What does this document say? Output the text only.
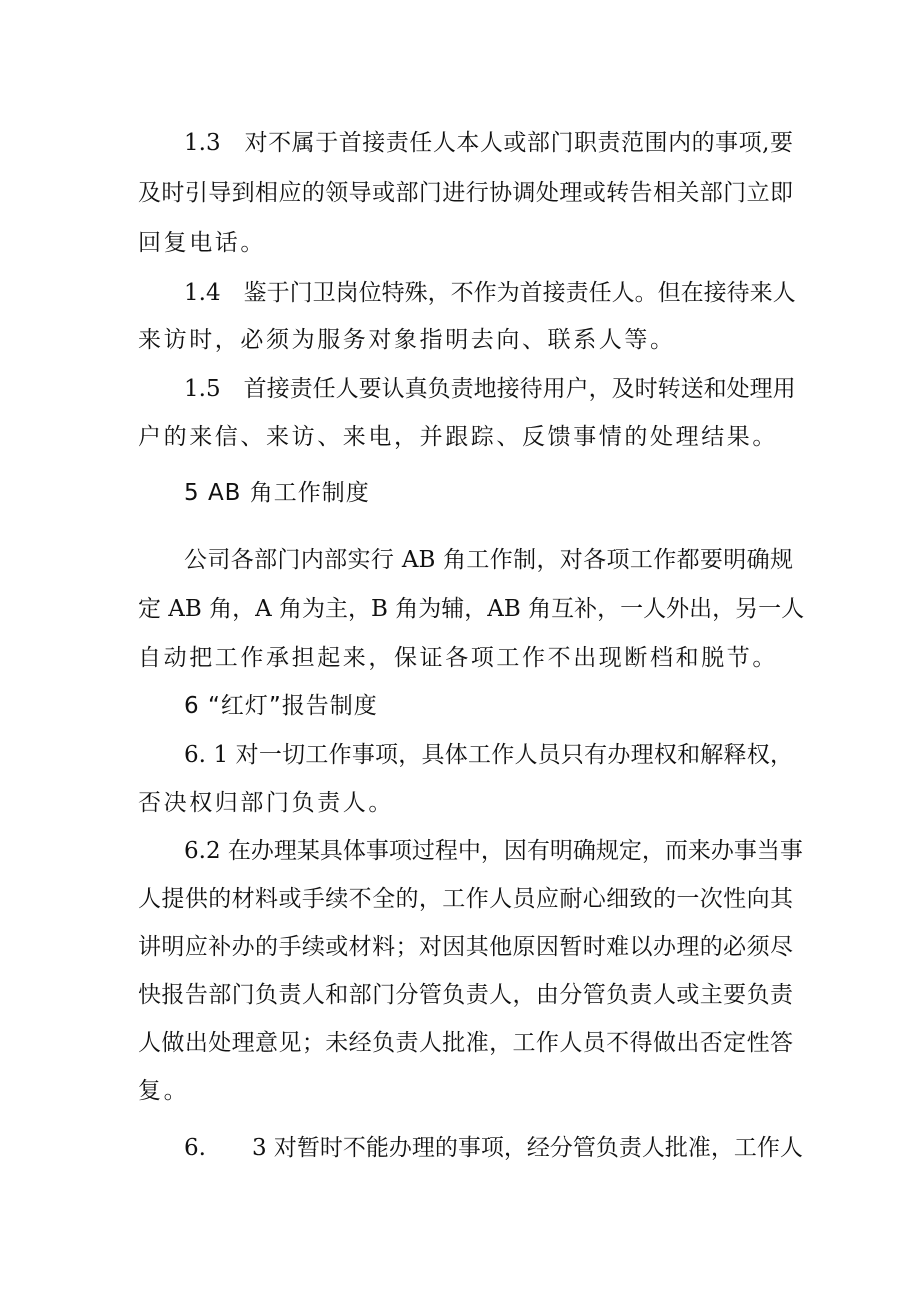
1.3　对不属于首接责任人本人或部门职责范围内的事项,要
及时引导到相应的领导或部门进行协调处理或转告相关部门立即
回复电话。
1.4　鉴于门卫岗位特殊，不作为首接责任人。但在接待来人
来访时，必须为服务对象指明去向、联系人等。
1.5　首接责任人要认真负责地接待用户，及时转送和处理用
户的来信、来访、来电，并跟踪、反馈事情的处理结果。
5 AB 角工作制度
公司各部门内部实行 AB 角工作制，对各项工作都要明确规
定 AB 角，A 角为主，B 角为辅，AB 角互补，一人外出，另一人
自动把工作承担起来，保证各项工作不出现断档和脱节。
6 “红灯”报告制度
6. 1 对一切工作事项，具体工作人员只有办理权和解释权，
否决权归部门负责人。
6.2 在办理某具体事项过程中，因有明确规定，而来办事当事
人提供的材料或手续不全的，工作人员应耐心细致的一次性向其
讲明应补办的手续或材料；对因其他原因暂时难以办理的必须尽
快报告部门负责人和部门分管负责人，由分管负责人或主要负责
人做出处理意见；未经负责人批准，工作人员不得做出否定性答
复。
6.　　3 对暂时不能办理的事项，经分管负责人批准，工作人
